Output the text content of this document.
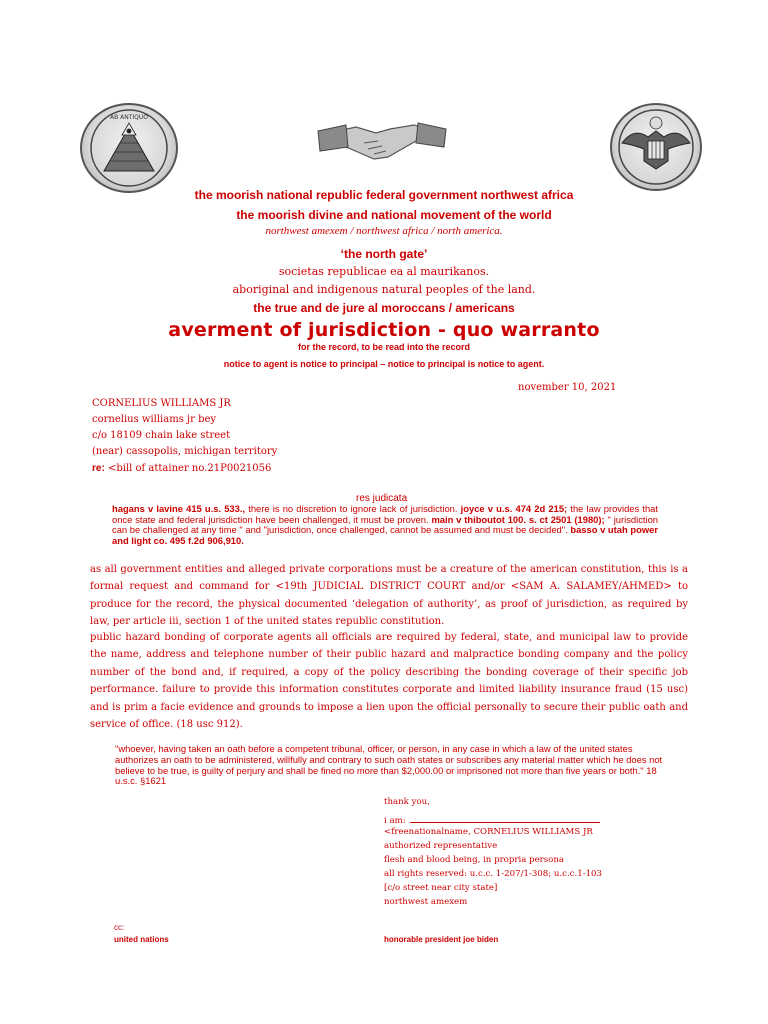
AB ANTIQUO
the moorish national republic federal government northwest africa
the moorish divine and national movement of the world
northwest amexem / northwest africa / north america.
‘the north gate’
societas republicae ea al maurikanos.
aboriginal and indigenous natural peoples of the land.
the true and de jure al moroccans / americans
averment of jurisdiction - quo warranto
for the record, to be read into the record
notice to agent is notice to principal – notice to principal is notice to agent.
november 10, 2021
CORNELIUS WILLIAMS JR
cornelius williams jr bey
c/o 18109 chain lake street
(near) cassopolis, michigan territory
re: <bill of attainer no.21P0021056
res judicata
hagans v lavine 415 u.s. 533., there is no discretion to ignore lack of jurisdiction. joyce v u.s. 474 2d 215; the law provides that once state and federal jurisdiction have been challenged, it must be proven. main v thiboutot 100. s. ct 2501 (1980); " jurisdiction can be challenged at any time " and "jurisdiction, once challenged, cannot be assumed and must be decided". basso v utah power and light co. 495 f.2d 906,910.
as all government entities and alleged private corporations must be a creature of the american constitution, this is a formal request and command for <19th JUDICIAL DISTRICT COURT and/or <SAM A. SALAMEY/AHMED> to produce for the record, the physical documented ‘delegation of authority’, as proof of jurisdiction, as required by law, per article iii, section 1 of the united states republic constitution.
public hazard bonding of corporate agents all officials are required by federal, state, and municipal law to provide the name, address and telephone number of their public hazard and malpractice bonding company and the policy number of the bond and, if required, a copy of the policy describing the bonding coverage of their specific job performance. failure to provide this information constitutes corporate and limited liability insurance fraud (15 usc) and is prim a facie evidence and grounds to impose a lien upon the official personally to secure their public oath and service of office. (18 usc 912).
"whoever, having taken an oath before a competent tribunal, officer, or person, in any case in which a law of the united states authorizes an oath to be administered, willfully and contrary to such oath states or subscribes any material matter which he does not believe to be true, is guilty of perjury and shall be fined no more than $2,000.00 or imprisoned not more than five years or both." 18 u.s.c. §1621
thank you,
i am:
<freenationalname, CORNELIUS WILLIAMS JR
authorized representative
flesh and blood being, in propria persona
all rights reserved: u.c.c. 1-207/1-308; u.c.c.1-103
[c/o street near city state]
northwest amexem
cc:
united nations	honorable president joe biden
